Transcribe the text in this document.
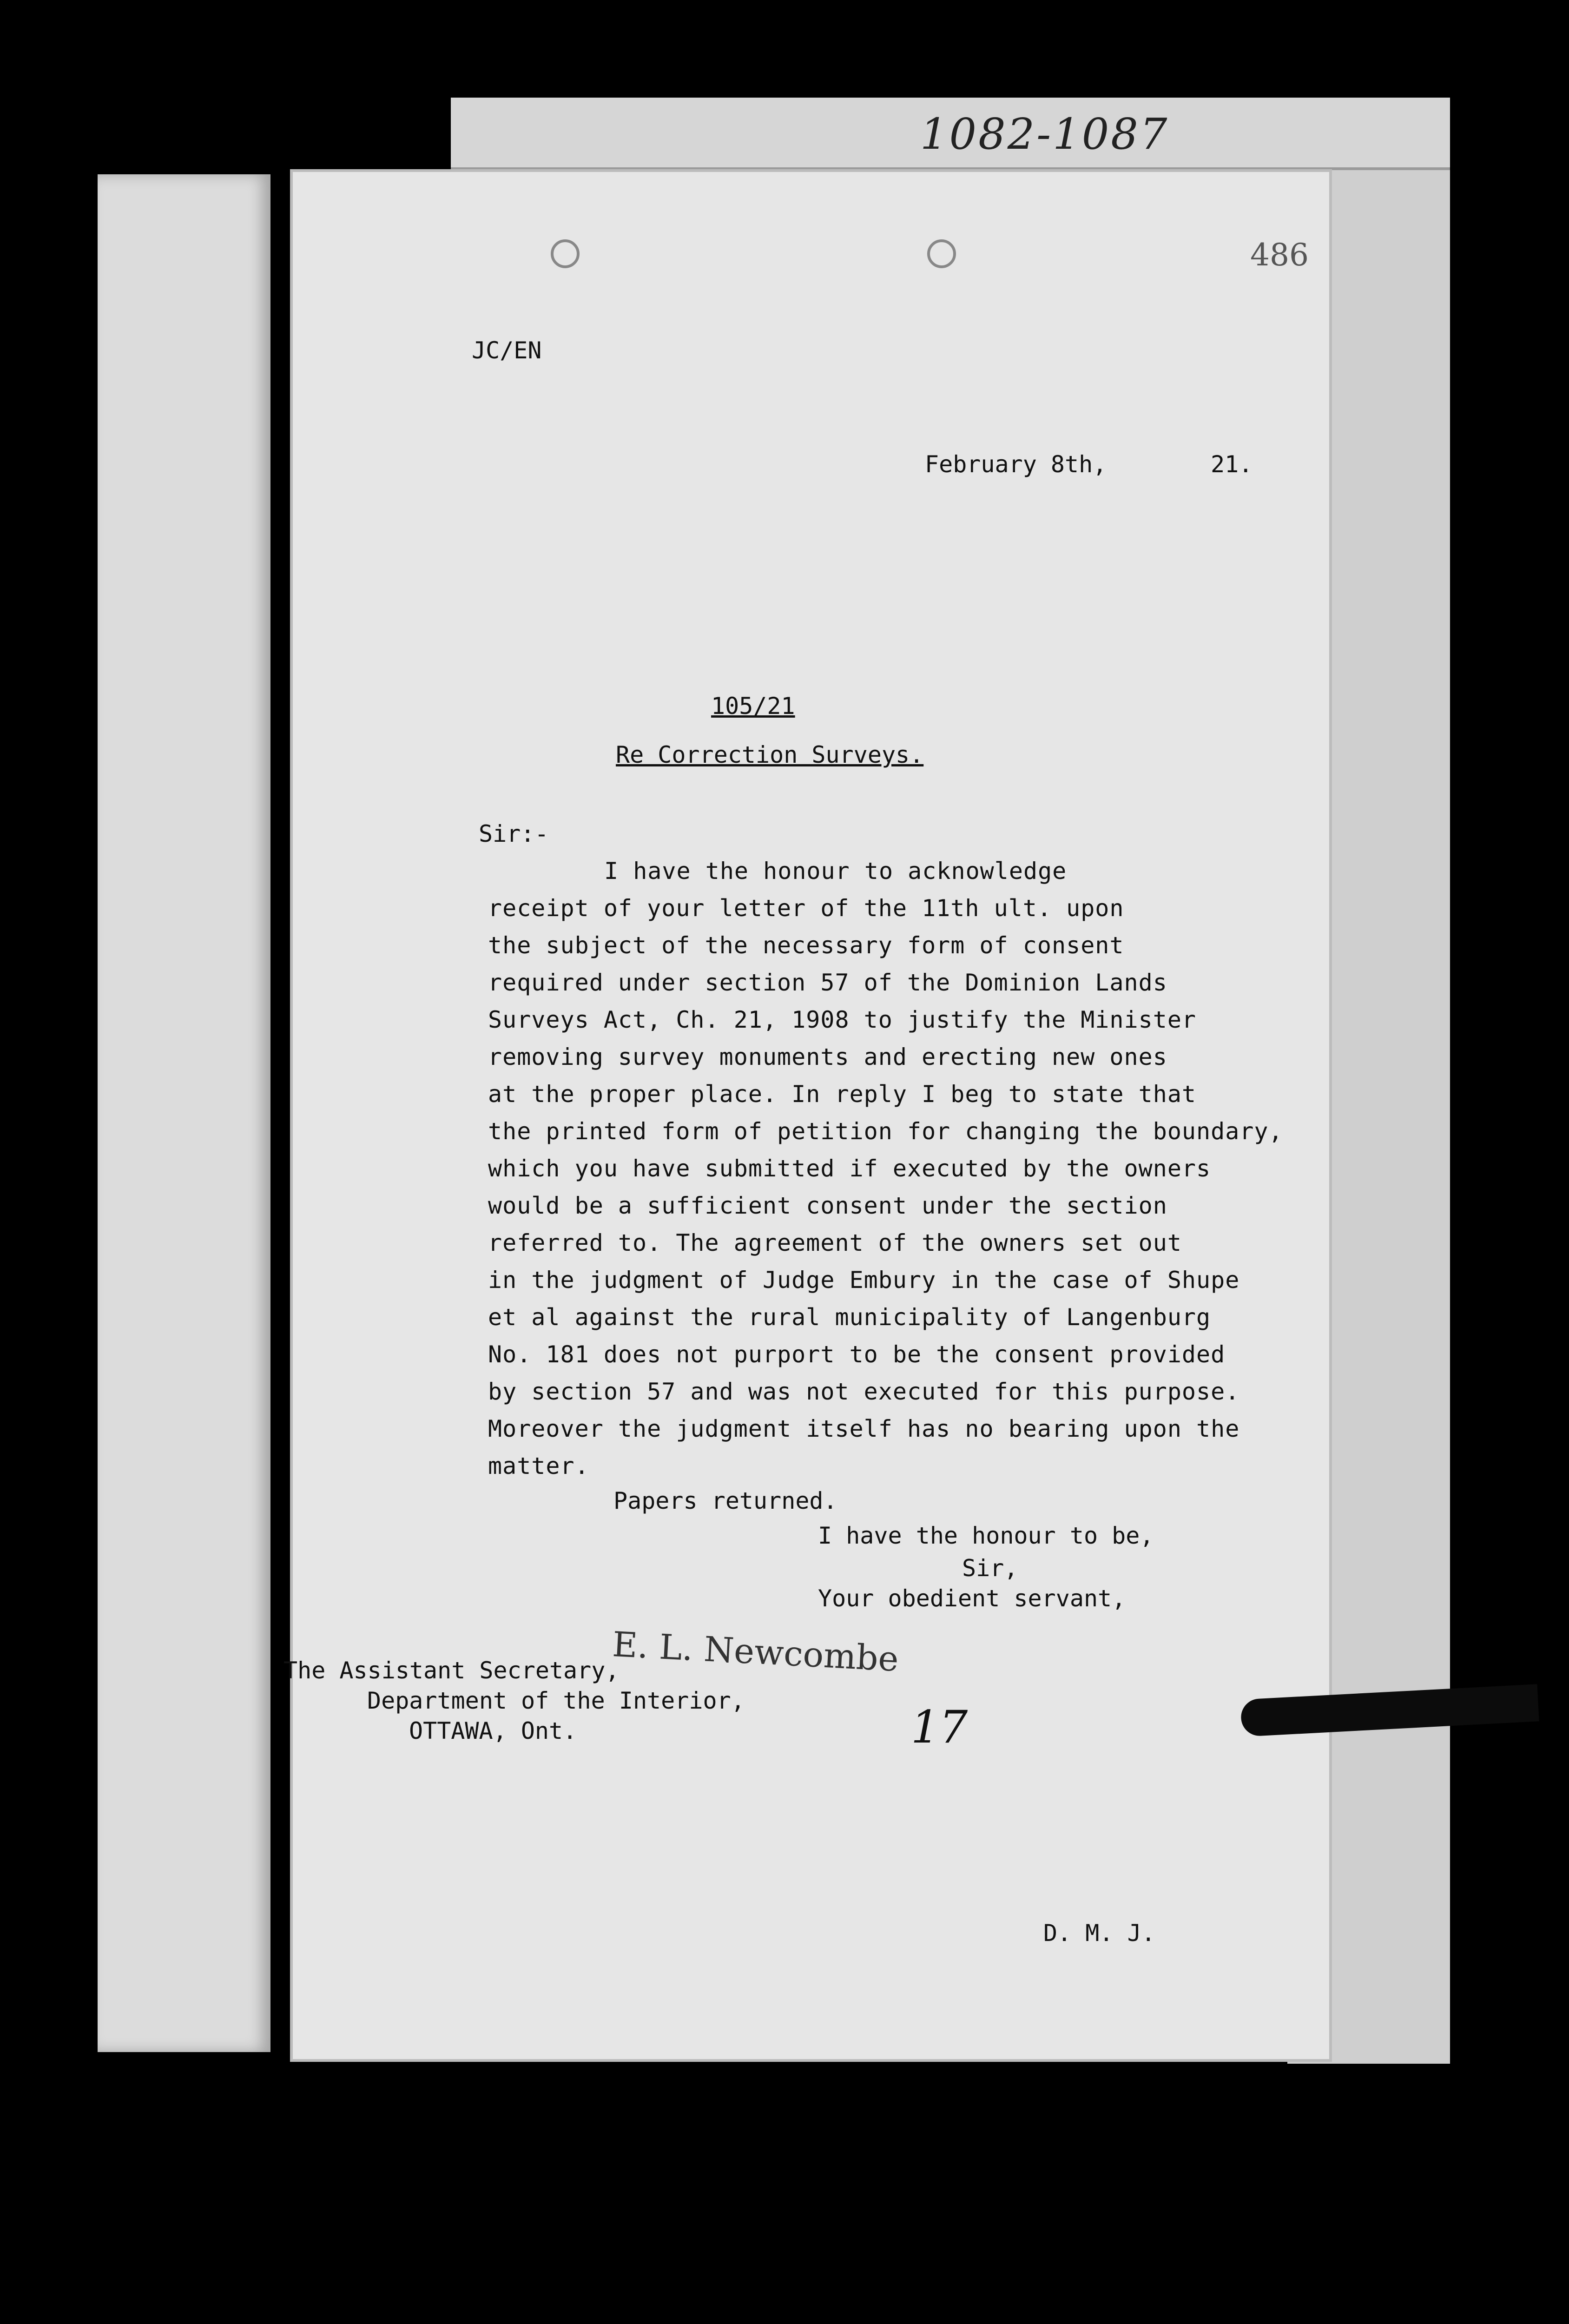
1082-1087
486
JC/EN
February 8th,	21.
105/21
Re Correction Surveys.
Sir:-
I have the honour to acknowledge
receipt of your letter of the 11th ult. upon
the subject of the necessary form of consent
required under section 57 of the Dominion Lands
Surveys Act, Ch. 21, 1908 to justify the Minister
removing survey monuments and erecting new ones
at the proper place. In reply I beg to state that
the printed form of petition for changing the boundary,
which you have submitted if executed by the owners
would be a sufficient consent under the section
referred to. The agreement of the owners set out
in the judgment of Judge Embury in the case of Shupe
et al against the rural municipality of Langenburg
No. 181 does not purport to be the consent provided
by section 57 and was not executed for this purpose.
Moreover the judgment itself has no bearing upon the
matter.
Papers returned.
I have the honour to be,
Sir,
Your obedient servant,
The Assistant Secretary,
Department of the Interior,
OTTAWA, Ont.
D. M. J.
E. L. Newcombe
17
